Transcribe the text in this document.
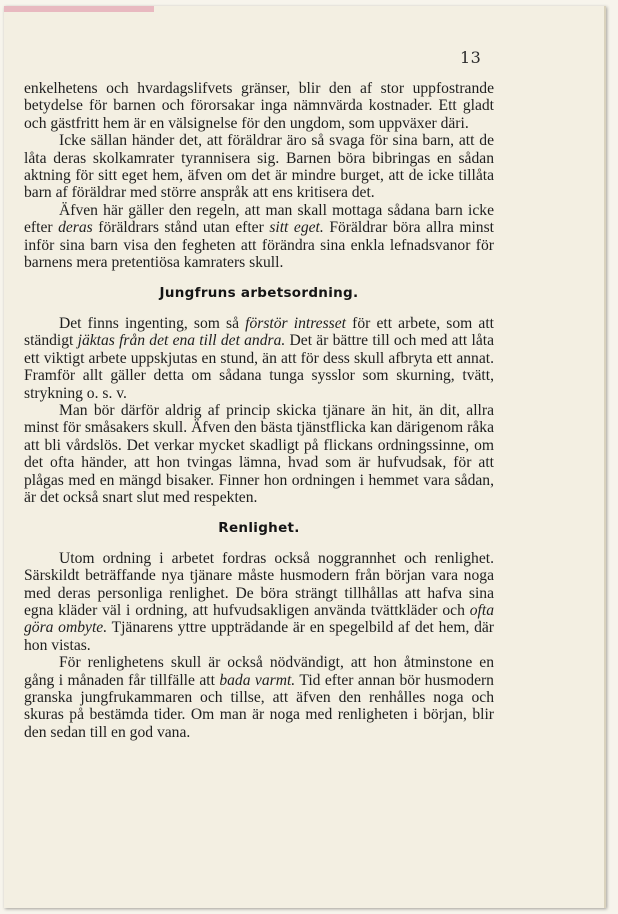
13

enkelhetens och hvardagslifvets gränser, blir den af stor uppfostrande betydelse för barnen och förorsakar inga nämnvärda kostnader. Ett gladt och gästfritt hem är en välsignelse för den ungdom, som uppväxer däri.

Icke sällan händer det, att föräldrar äro så svaga för sina barn, att de låta deras skolkamrater tyrannisera sig. Barnen böra bibringas en sådan aktning för sitt eget hem, äfven om det är mindre burget, att de icke tillåta barn af föräldrar med större anspråk att ens kritisera det.

Äfven här gäller den regeln, att man skall mottaga sådana barn icke efter deras föräldrars stånd utan efter sitt eget. Föräldrar böra allra minst inför sina barn visa den fegheten att förändra sina enkla lefnadsvanor för barnens mera pretentiösa kamraters skull.

Jungfruns arbetsordning.

Det finns ingenting, som så förstör intresset för ett arbete, som att ständigt jäktas från det ena till det andra. Det är bättre till och med att låta ett viktigt arbete uppskjutas en stund, än att för dess skull afbryta ett annat. Framför allt gäller detta om sådana tunga sysslor som skurning, tvätt, strykning o. s. v.

Man bör därför aldrig af princip skicka tjänare än hit, än dit, allra minst för småsakers skull. Äfven den bästa tjänstflicka kan därigenom råka att bli vårdslös. Det verkar mycket skadligt på flickans ordningssinne, om det ofta händer, att hon tvingas lämna, hvad som är hufvudsak, för att plågas med en mängd bisaker. Finner hon ordningen i hemmet vara sådan, är det också snart slut med respekten.

Renlighet.

Utom ordning i arbetet fordras också noggrannhet och renlighet. Särskildt beträffande nya tjänare måste husmodern från början vara noga med deras personliga renlighet. De böra strängt tillhållas att hafva sina egna kläder väl i ordning, att hufvudsakligen använda tvättkläder och ofta göra ombyte. Tjänarens yttre uppträdande är en spegelbild af det hem, där hon vistas.

För renlighetens skull är också nödvändigt, att hon åtminstone en gång i månaden får tillfälle att bada varmt. Tid efter annan bör husmodern granska jungfrukammaren och tillse, att äfven den renhålles noga och skuras på bestämda tider. Om man är noga med renligheten i början, blir den sedan till en god vana.
